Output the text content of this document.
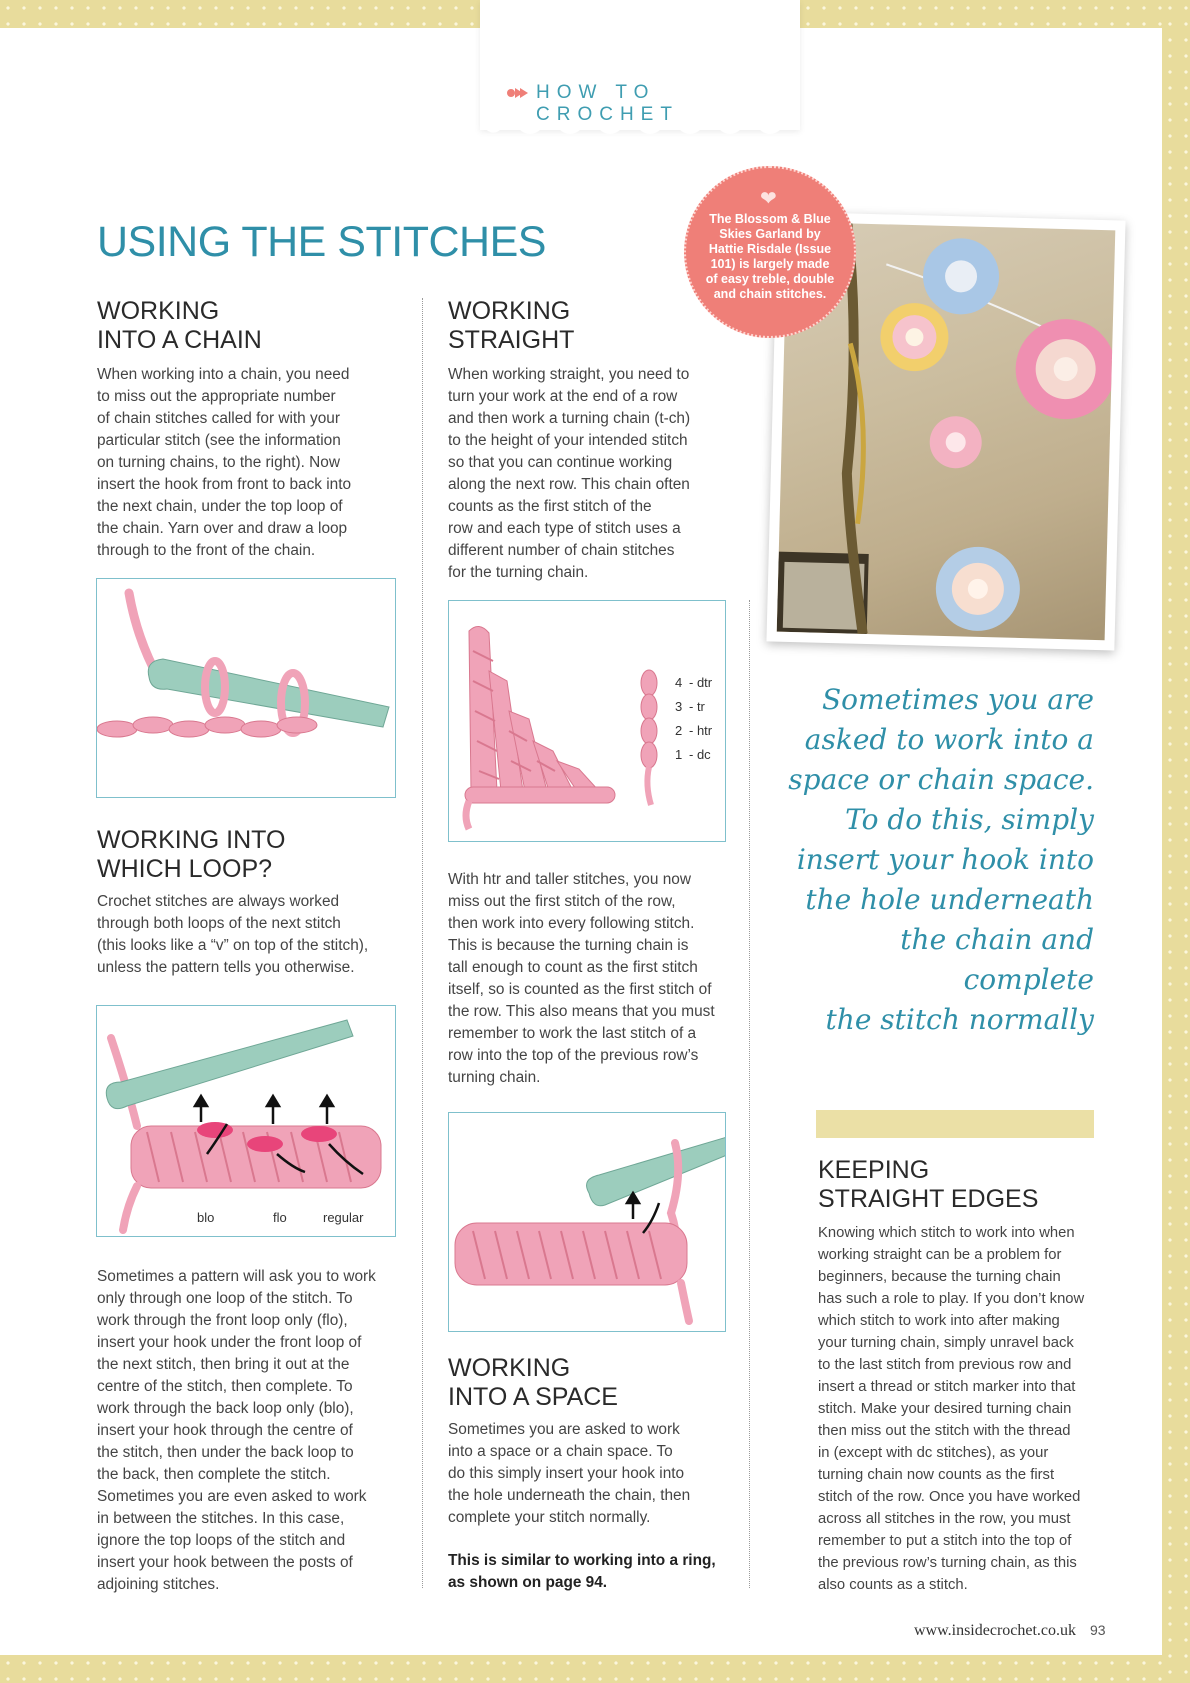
HOW TO CROCHET
USING THE STITCHES
WORKING
INTO A CHAIN
When working into a chain, you need
to miss out the appropriate number
of chain stitches called for with your
particular stitch (see the information
on turning chains, to the right). Now
insert the hook from front to back into
the next chain, under the top loop of
the chain. Yarn over and draw a loop
through to the front of the chain.
WORKING INTO
WHICH LOOP?
Crochet stitches are always worked
through both loops of the next stitch
(this looks like a “v” on top of the stitch),
unless the pattern tells you otherwise.
blo	flo	regular
Sometimes a pattern will ask you to work
only through one loop of the stitch. To
work through the front loop only (flo),
insert your hook under the front loop of
the next stitch, then bring it out at the
centre of the stitch, then complete. To
work through the back loop only (blo),
insert your hook through the centre of
the stitch, then under the back loop to
the back, then complete the stitch.
Sometimes you are even asked to work
in between the stitches. In this case,
ignore the top loops of the stitch and
insert your hook between the posts of
adjoining stitches.
WORKING
STRAIGHT
When working straight, you need to
turn your work at the end of a row
and then work a turning chain (t-ch)
to the height of your intended stitch
so that you can continue working
along the next row. This chain often
counts as the first stitch of the
row and each type of stitch uses a
different number of chain stitches
for the turning chain.
4 - dtr
3 - tr
2 - htr
1 - dc
With htr and taller stitches, you now
miss out the first stitch of the row,
then work into every following stitch.
This is because the turning chain is
tall enough to count as the first stitch
itself, so is counted as the first stitch of
the row. This also means that you must
remember to work the last stitch of a
row into the top of the previous row’s
turning chain.
WORKING
INTO A SPACE
Sometimes you are asked to work
into a space or a chain space. To
do this simply insert your hook into
the hole underneath the chain, then
complete your stitch normally.
This is similar to working into a ring,
as shown on page 94.
❤
The Blossom & Blue
Skies Garland by
Hattie Risdale (Issue
101) is largely made
of easy treble, double
and chain stitches.
Sometimes you are
asked to work into a
space or chain space.
To do this, simply
insert your hook into
the hole underneath
the chain and complete
the stitch normally
KEEPING
STRAIGHT EDGES
Knowing which stitch to work into when
working straight can be a problem for
beginners, because the turning chain
has such a role to play. If you don’t know
which stitch to work into after making
your turning chain, simply unravel back
to the last stitch from previous row and
insert a thread or stitch marker into that
stitch. Make your desired turning chain
then miss out the stitch with the thread
in (except with dc stitches), as your
turning chain now counts as the first
stitch of the row. Once you have worked
across all stitches in the row, you must
remember to put a stitch into the top of
the previous row’s turning chain, as this
also counts as a stitch.
www.insidecrochet.co.uk 93
